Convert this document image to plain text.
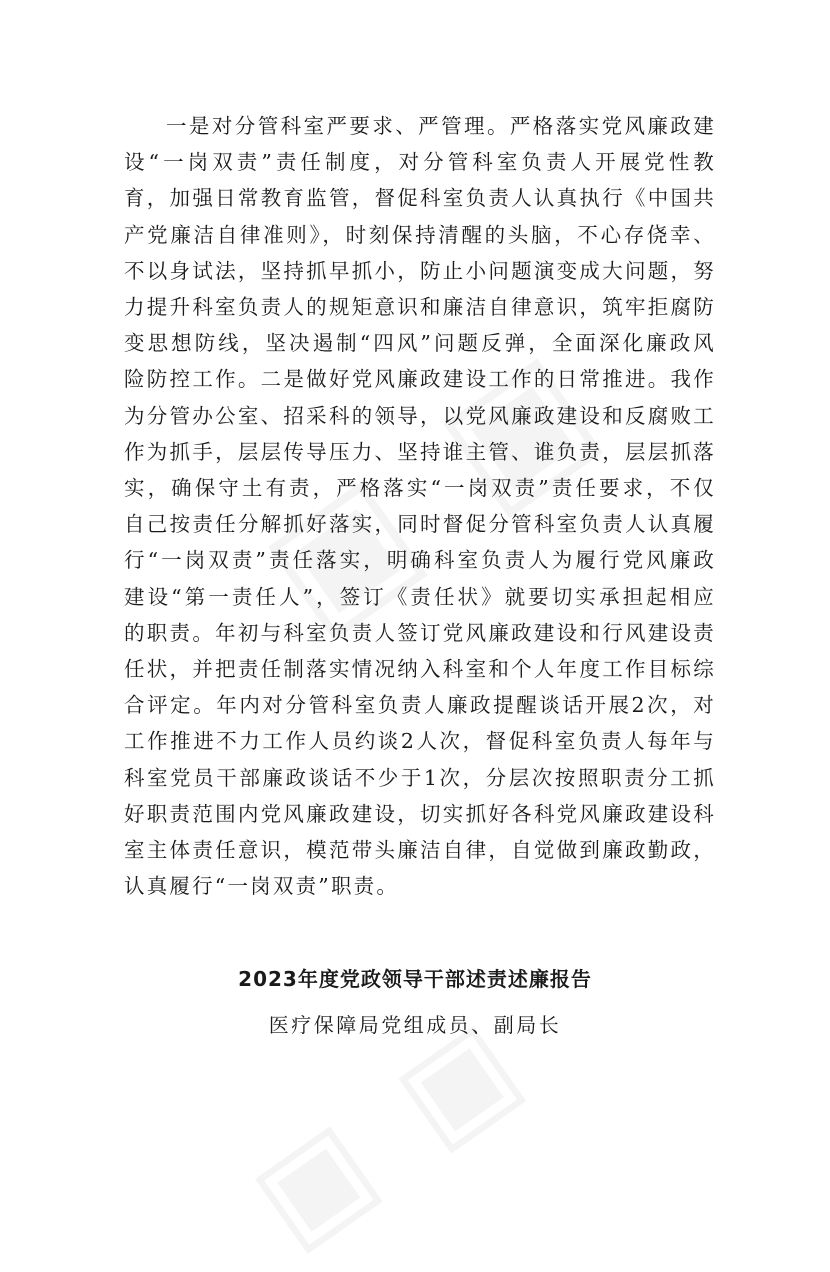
一是对分管科室严要求、严管理。严格落实党风廉政建设“一岗双责”责任制度，对分管科室负责人开展党性教育，加强日常教育监管，督促科室负责人认真执行《中国共产党廉洁自律准则》，时刻保持清醒的头脑，不心存侥幸、不以身试法，坚持抓早抓小，防止小问题演变成大问题，努力提升科室负责人的规矩意识和廉洁自律意识，筑牢拒腐防变思想防线，坚决遏制“四风”问题反弹，全面深化廉政风险防控工作。二是做好党风廉政建设工作的日常推进。我作为分管办公室、招采科的领导，以党风廉政建设和反腐败工作为抓手，层层传导压力、坚持谁主管、谁负责，层层抓落实，确保守土有责，严格落实“一岗双责”责任要求，不仅自己按责任分解抓好落实，同时督促分管科室负责人认真履行“一岗双责”责任落实，明确科室负责人为履行党风廉政建设“第一责任人”，签订《责任状》就要切实承担起相应的职责。年初与科室负责人签订党风廉政建设和行风建设责任状，并把责任制落实情况纳入科室和个人年度工作目标综合评定。年内对分管科室负责人廉政提醒谈话开展2次，对工作推进不力工作人员约谈2人次，督促科室负责人每年与科室党员干部廉政谈话不少于1次，分层次按照职责分工抓好职责范围内党风廉政建设，切实抓好各科党风廉政建设科室主体责任意识，模范带头廉洁自律，自觉做到廉政勤政，认真履行“一岗双责”职责。

2023年度党政领导干部述责述廉报告

医疗保障局党组成员、副局长
